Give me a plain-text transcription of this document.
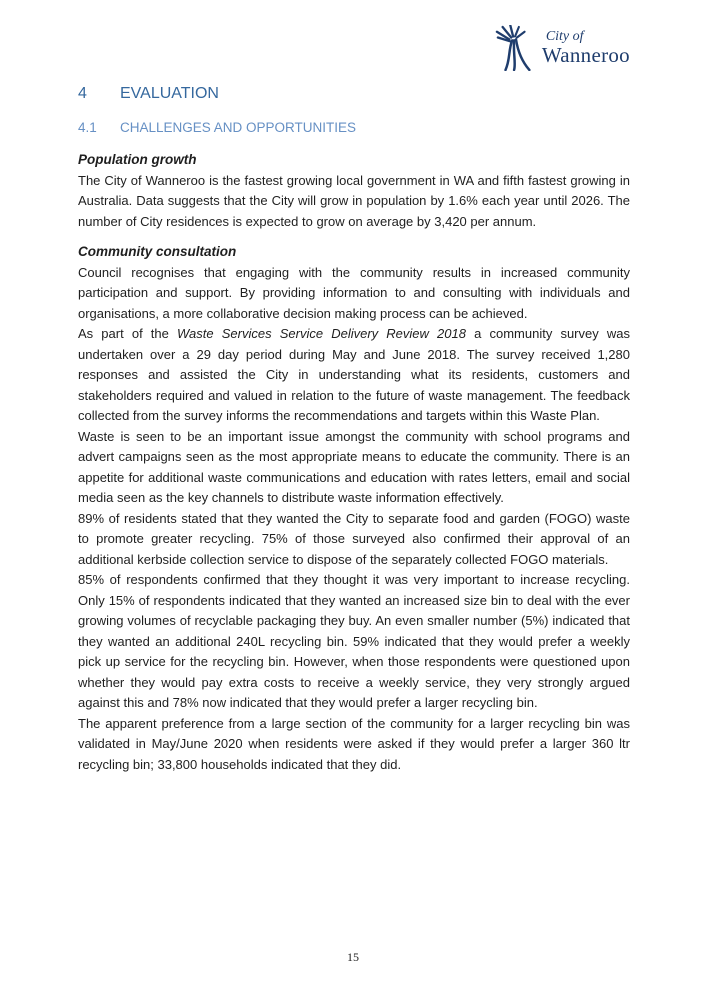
City of
Wanneroo
4 EVALUATION
4.1 CHALLENGES AND OPPORTUNITIES
Population growth

The City of Wanneroo is the fastest growing local government in WA and fifth fastest growing in Australia. Data suggests that the City will grow in population by 1.6% each year until 2026. The number of City residences is expected to grow on average by 3,420 per annum.

Community consultation

Council recognises that engaging with the community results in increased community participation and support. By providing information to and consulting with individuals and organisations, a more collaborative decision making process can be achieved.

As part of the Waste Services Service Delivery Review 2018 a community survey was undertaken over a 29 day period during May and June 2018. The survey received 1,280 responses and assisted the City in understanding what its residents, customers and stakeholders required and valued in relation to the future of waste management. The feedback collected from the survey informs the recommendations and targets within this Waste Plan.

Waste is seen to be an important issue amongst the community with school programs and advert campaigns seen as the most appropriate means to educate the community. There is an appetite for additional waste communications and education with rates letters, email and social media seen as the key channels to distribute waste information effectively.

89% of residents stated that they wanted the City to separate food and garden (FOGO) waste to promote greater recycling. 75% of those surveyed also confirmed their approval of an additional kerbside collection service to dispose of the separately collected FOGO materials.

85% of respondents confirmed that they thought it was very important to increase recycling. Only 15% of respondents indicated that they wanted an increased size bin to deal with the ever growing volumes of recyclable packaging they buy. An even smaller number (5%) indicated that they wanted an additional 240L recycling bin. 59% indicated that they would prefer a weekly pick up service for the recycling bin. However, when those respondents were questioned upon whether they would pay extra costs to receive a weekly service, they very strongly argued against this and 78% now indicated that they would prefer a larger recycling bin.

The apparent preference from a large section of the community for a larger recycling bin was validated in May/June 2020 when residents were asked if they would prefer a larger 360 ltr recycling bin; 33,800 households indicated that they did.

15
